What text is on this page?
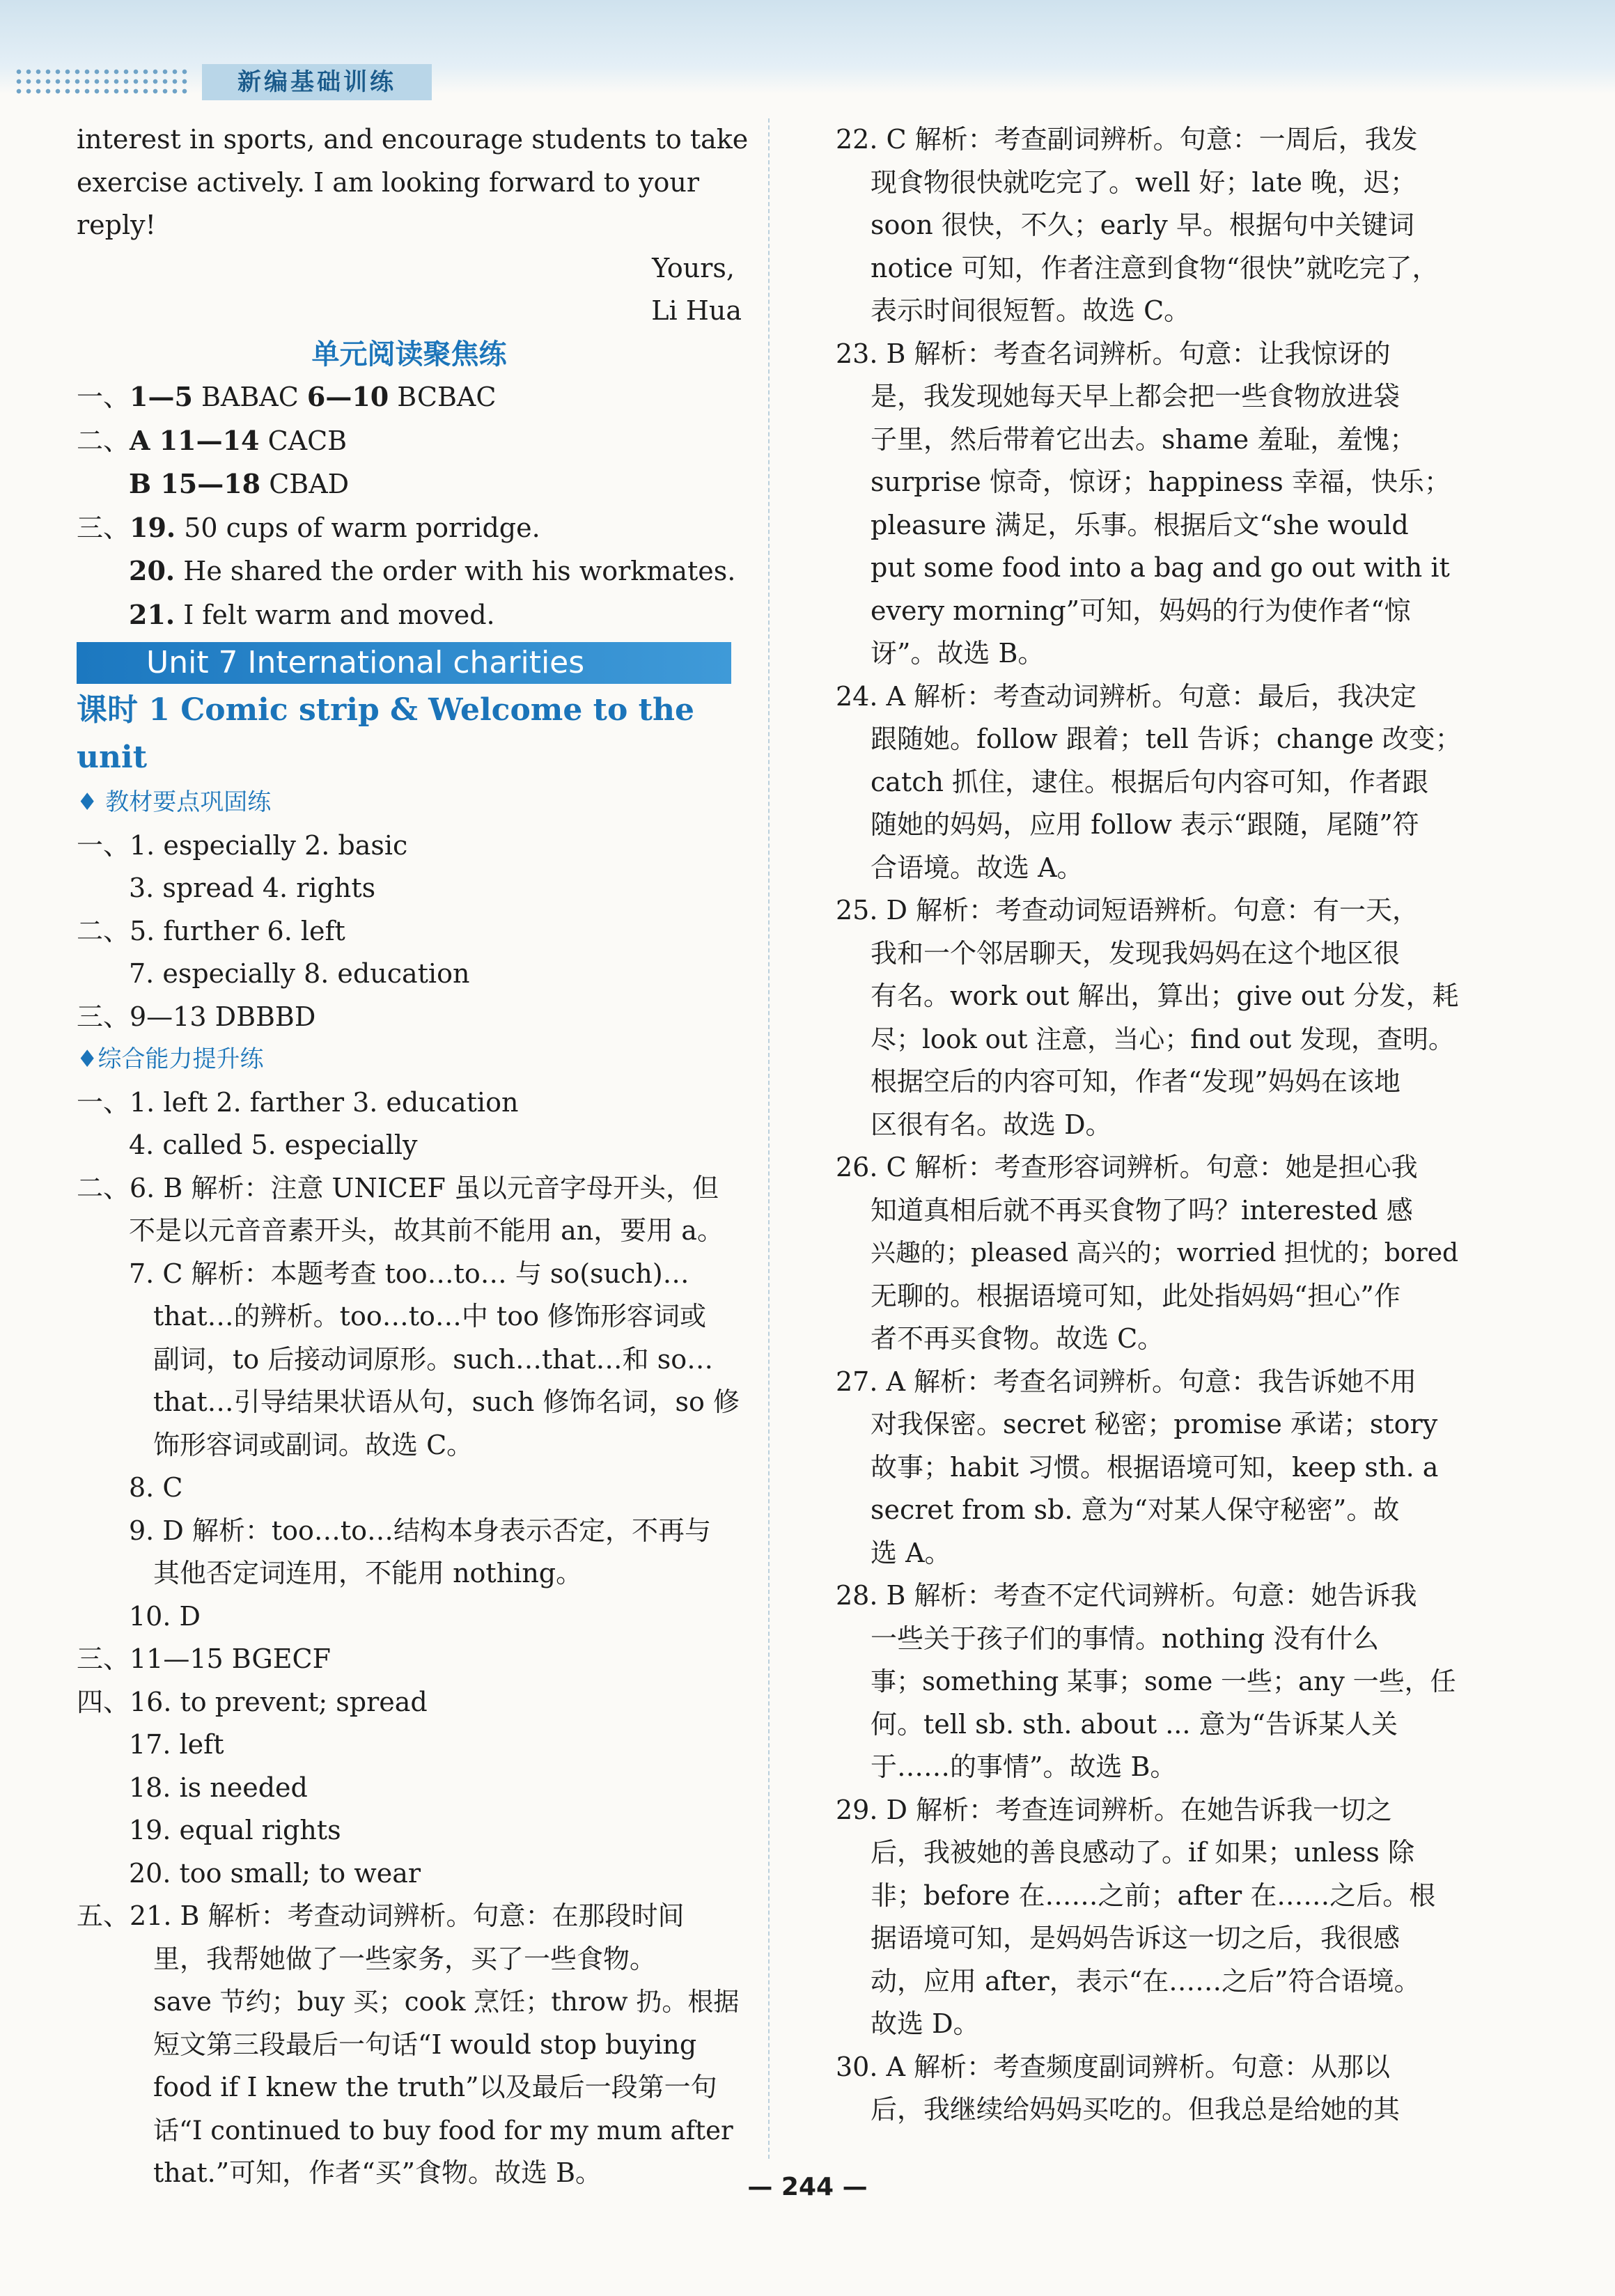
新编基础训练
interest in sports, and encourage students to take
exercise actively. I am looking forward to your
reply!
Yours,
Li Hua
单元阅读聚焦练
一、1—5 BABAC 6—10 BCBAC
二、A 11—14 CACB
B 15—18 CBAD
三、19. 50 cups of warm porridge.
20. He shared the order with his workmates.
21. I felt warm and moved.
Unit 7 International charities
课时 1 Comic strip & Welcome to the unit
♦ 教材要点巩固练
一、1. especially 2. basic
3. spread 4. rights
二、5. further 6. left
7. especially 8. education
三、9—13 DBBBD
♦综合能力提升练
一、1. left 2. farther 3. education
4. called 5. especially
二、6. B 解析：注意 UNICEF 虽以元音字母开头，但
不是以元音音素开头，故其前不能用 an，要用 a。
7. C 解析：本题考查 too…to… 与 so(such)…
that…的辨析。too…to…中 too 修饰形容词或
副词，to 后接动词原形。such…that…和 so…
that…引导结果状语从句，such 修饰名词，so 修
饰形容词或副词。故选 C。
8. C
9. D 解析：too…to…结构本身表示否定，不再与
其他否定词连用，不能用 nothing。
10. D
三、11—15 BGECF
四、16. to prevent; spread
17. left
18. is needed
19. equal rights
20. too small; to wear
五、21. B 解析：考查动词辨析。句意：在那段时间
里，我帮她做了一些家务，买了一些食物。
save 节约；buy 买；cook 烹饪；throw 扔。根据
短文第三段最后一句话“I would stop buying
food if I knew the truth”以及最后一段第一句
话“I continued to buy food for my mum after
that.”可知，作者“买”食物。故选 B。
22. C 解析：考查副词辨析。句意：一周后，我发
现食物很快就吃完了。well 好；late 晚，迟；
soon 很快，不久；early 早。根据句中关键词
notice 可知，作者注意到食物“很快”就吃完了，
表示时间很短暂。故选 C。
23. B 解析：考查名词辨析。句意：让我惊讶的
是，我发现她每天早上都会把一些食物放进袋
子里，然后带着它出去。shame 羞耻，羞愧；
surprise 惊奇，惊讶；happiness 幸福，快乐；
pleasure 满足，乐事。根据后文“she would
put some food into a bag and go out with it
every morning”可知，妈妈的行为使作者“惊
讶”。故选 B。
24. A 解析：考查动词辨析。句意：最后，我决定
跟随她。follow 跟着；tell 告诉；change 改变；
catch 抓住，逮住。根据后句内容可知，作者跟
随她的妈妈，应用 follow 表示“跟随，尾随”符
合语境。故选 A。
25. D 解析：考查动词短语辨析。句意：有一天，
我和一个邻居聊天，发现我妈妈在这个地区很
有名。work out 解出，算出；give out 分发，耗
尽；look out 注意，当心；find out 发现，查明。
根据空后的内容可知，作者“发现”妈妈在该地
区很有名。故选 D。
26. C 解析：考查形容词辨析。句意：她是担心我
知道真相后就不再买食物了吗？interested 感
兴趣的；pleased 高兴的；worried 担忧的；bored
无聊的。根据语境可知，此处指妈妈“担心”作
者不再买食物。故选 C。
27. A 解析：考查名词辨析。句意：我告诉她不用
对我保密。secret 秘密；promise 承诺；story
故事；habit 习惯。根据语境可知，keep sth. a
secret from sb. 意为“对某人保守秘密”。故
选 A。
28. B 解析：考查不定代词辨析。句意：她告诉我
一些关于孩子们的事情。nothing 没有什么
事；something 某事；some 一些；any 一些，任
何。tell sb. sth. about ... 意为“告诉某人关
于……的事情”。故选 B。
29. D 解析：考查连词辨析。在她告诉我一切之
后，我被她的善良感动了。if 如果；unless 除
非；before 在……之前；after 在……之后。根
据语境可知，是妈妈告诉这一切之后，我很感
动，应用 after，表示“在……之后”符合语境。
故选 D。
30. A 解析：考查频度副词辨析。句意：从那以
后，我继续给妈妈买吃的。但我总是给她的其
— 244 —
